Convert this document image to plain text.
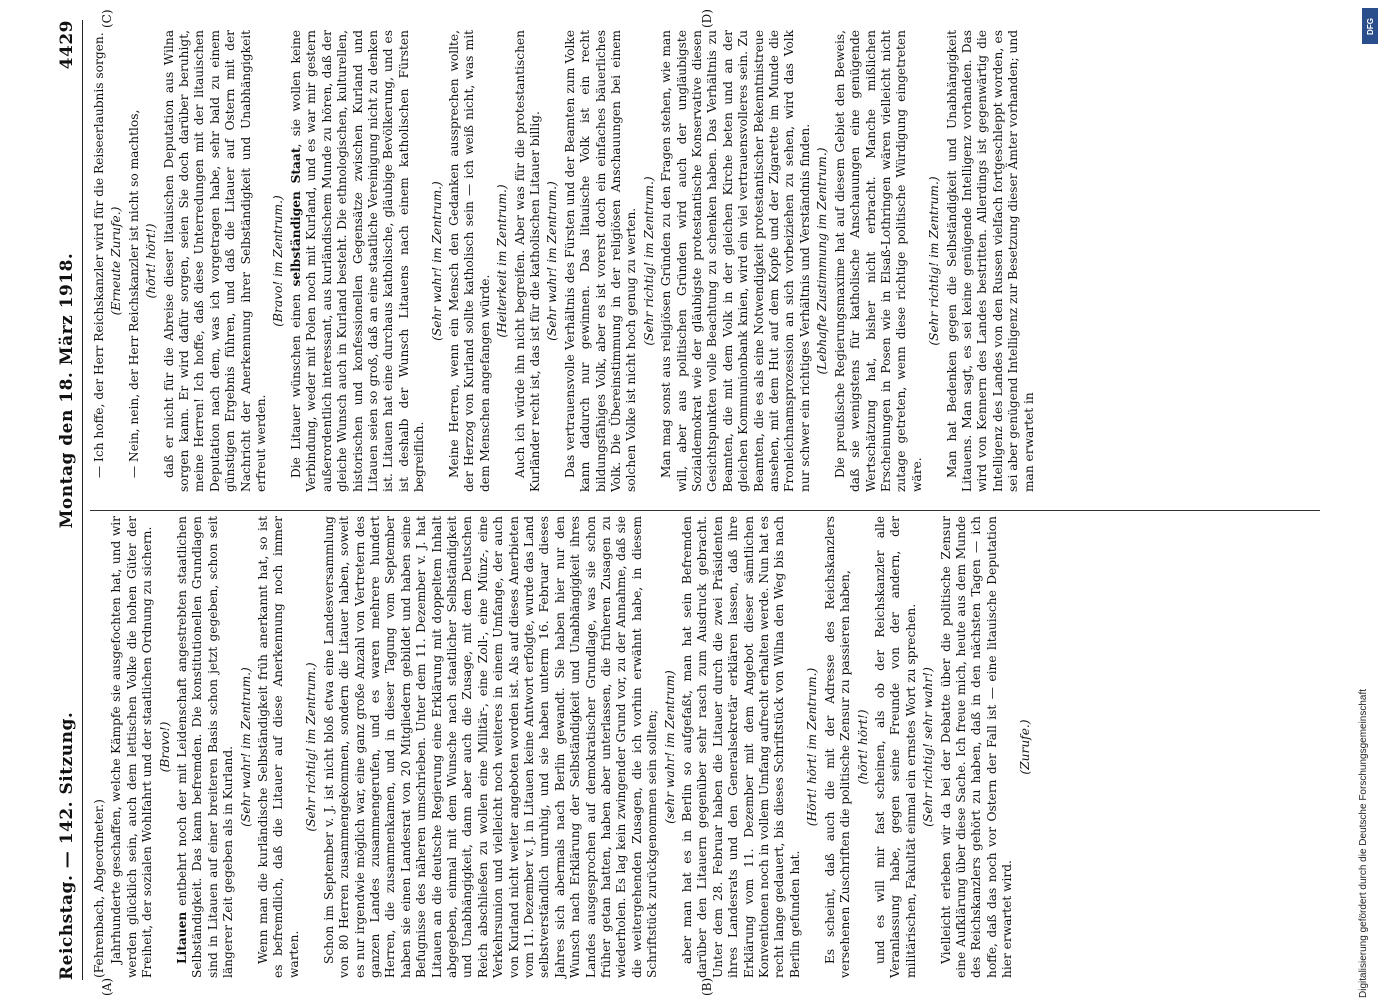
Reichstag. — 142. Sitzung.
Montag den 18. März 1918.
4429
(A)	(B)
(C)	(D)

(Fehrenbach, Abgeordneter.) Jahrhunderte geschaffen, welche Kämpfe sie ausgefochten hat, und wir werden glücklich sein, auch dem lettischen Volke die hohen Güter der Freiheit, der sozialen Wohlfahrt und der staatlichen Ordnung zu sichern. (Bravo!)

Litauen entbehrt noch der mit Leidenschaft angestrebten staatlichen Selbständigkeit. Das kann befremden. Die konstitutionellen Grundlagen sind in Litauen auf einer breiteren Basis schon jetzt gegeben, schon seit längerer Zeit gegeben als in Kurland. (Sehr wahr! im Zentrum.) Wenn man die kurländische Selbständigkeit früh anerkannt hat, so ist es befremdlich, daß die Litauer auf diese Anerkennung noch immer warten.

(Sehr richtig! im Zentrum.) Schon im September v. J. ist nicht bloß etwa eine Landesversammlung von 80 Herren zusammengekommen, sondern die Litauer haben, soweit es nur irgendwie möglich war, eine ganz große Anzahl von Vertretern des ganzen Landes zusammengerufen, und es waren mehrere hundert Herren, die zusammenkamen, und in dieser Tagung vom September haben sie einen Landesrat von 20 Mitgliedern gebildet und haben seine Befugnisse des näheren umschrieben. Unter dem 11. Dezember v. J. hat Litauen an die deutsche Regierung eine Erklärung mit doppeltem Inhalt abgegeben, einmal mit dem Wunsche nach staatlicher Selbständigkeit und Unabhängigkeit, dann aber auch die Zusage, mit dem Deutschen Reich abschließen zu wollen eine Militär-, eine Zoll-, eine Münz-, eine Verkehrsunion und vielleicht noch weiteres in einem Umfange, der auch von Kurland nicht weiter angeboten worden ist. Als auf dieses Anerbieten vom 11. Dezember v. J. in Litauen keine Antwort erfolgte, wurde das Land selbstverständlich unruhig, und sie haben unterm 16. Februar dieses Jahres sich abermals nach Berlin gewandt. Sie haben hier nur den Wunsch nach Erklärung der Selbständigkeit und Unabhängigkeit ihres Landes ausgesprochen auf demokratischer Grundlage, was sie schon früher getan hatten, haben aber unterlassen, die früheren Zusagen zu wiederholen. Es lag kein zwingender Grund vor, zu der Annahme, daß sie die weitergehenden Zusagen, die ich vorhin erwähnt habe, in diesem Schriftstück zurückgenommen sein sollten; (sehr wahr! im Zentrum) aber man hat es in Berlin so aufgefaßt, man hat sein Befremden darüber den Litauern gegenüber sehr rasch zum Ausdruck gebracht. Unter dem 28. Februar haben die Litauer durch die zwei Präsidenten ihres Landesrats und den Generalsekretär erklären lassen, daß ihre Erklärung vom 11. Dezember mit dem Angebot dieser sämtlichen Konventionen noch in vollem Umfang aufrecht erhalten werde. Nun hat es recht lange gedauert, bis dieses Schriftstück von Wilna den Weg bis nach Berlin gefunden hat.

(Hört! hört! im Zentrum.) Es scheint, daß auch die mit der Adresse des Reichskanzlers versehenen Zuschriften die politische Zensur zu passieren haben, (hört! hört!) und es will mir fast scheinen, als ob der Reichskanzler alle Veranlassung habe, gegen seine Freunde von der andern, der militärischen, Fakultät einmal ein ernstes Wort zu sprechen. (Sehr richtig! sehr wahr!) Vielleicht erleben wir da bei der Debatte über die politische Zensur eine Aufklärung über diese Sache. Ich freue mich, heute aus dem Munde des Reichskanzlers gehört zu haben, daß in den nächsten Tagen — ich hoffe, daß das noch vor Ostern der Fall ist — eine litauische Deputation hier erwartet wird.

(Zurufe.)

— Ich hoffe, der Herr Reichskanzler wird für die Reiseerlaubnis sorgen. (Erneute Zurufe.) — Nein, nein, der Herr Reichskanzler ist nicht so machtlos, (hört! hört!) daß er nicht für die Abreise dieser litauischen Deputation aus Wilna sorgen kann. Er wird dafür sorgen, seien Sie doch darüber beruhigt, meine Herren! Ich hoffe, daß diese Unterredungen mit der litauischen Deputation nach dem, was ich vorgetragen habe, sehr bald zu einem günstigen Ergebnis führen, und daß die Litauer auf Ostern mit der Nachricht der Anerkennung ihrer Selbständigkeit und Unabhängigkeit erfreut werden.

(Bravo! im Zentrum.)

Die Litauer wünschen einen selbständigen Staat, sie wollen keine Verbindung, weder mit Polen noch mit Kurland, und es war mir gestern außerordentlich interessant, aus kurländischem Munde zu hören, daß der gleiche Wunsch auch in Kurland besteht. Die ethnologischen, kulturellen, historischen und konfessionellen Gegensätze zwischen Kurland und Litauen seien so groß, daß an eine staatliche Vereinigung nicht zu denken ist. Litauen hat eine durchaus katholische, gläubige Bevölkerung, und es ist deshalb der Wunsch Litauens nach einem katholischen Fürsten begreiflich.

(Sehr wahr! im Zentrum.) Meine Herren, wenn ein Mensch den Gedanken aussprechen wollte, der Herzog von Kurland sollte katholisch sein — ich weiß nicht, was mit dem Menschen angefangen würde.

(Heiterkeit im Zentrum.) Auch ich würde ihn nicht begreifen. Aber was für die protestantischen Kurländer recht ist, das ist für die katholischen Litauer billig. (Sehr wahr! im Zentrum.) Das vertrauensvolle Verhältnis des Fürsten und der Beamten zum Volke kann dadurch nur gewinnen. Das litauische Volk ist ein recht bildungsfähiges Volk, aber es ist vorerst doch ein einfaches bäuerliches Volk. Die Übereinstimmung in der religiösen Anschauungen bei einem solchen Volke ist nicht hoch genug zu werten. (Sehr richtig! im Zentrum.) Man mag sonst aus religiösen Gründen zu den Fragen stehen, wie man will, aber aus politischen Gründen wird auch der ungläubigste Sozialdemokrat wie der gläubigste protestantische Konservative diesen Gesichtspunkten volle Beachtung zu schenken haben. Das Verhältnis zu Beamten, die mit dem Volk in der gleichen Kirche beten und an der gleichen Kommunionbank knien, wird ein viel vertrauensvolleres sein. Zu Beamten, die es als eine Notwendigkeit protestantischer Bekenntnistreue ansehen, mit dem Hut auf dem Kopfe und der Zigarette im Munde die Fronleichnamsprozession an sich vorbeiziehen zu sehen, wird das Volk nur schwer ein richtiges Verhältnis und Verständnis finden. (Lebhafte Zustimmung im Zentrum.) Die preußische Regierungsmaxime hat auf diesem Gebiet den Beweis, daß sie wenigstens für katholische Anschauungen eine genügende Wertschätzung hat, bisher nicht erbracht. Manche mißlichen Erscheinungen in Posen wie in Elsaß-Lothringen wären vielleicht nicht zutage getreten, wenn diese richtige politische Würdigung eingetreten wäre.

(Sehr richtig! im Zentrum.) Man hat Bedenken gegen die Selbständigkeit und Unabhängigkeit Litauens. Man sagt, es sei keine genügende Intelligenz vorhanden. Das wird von Kennern des Landes bestritten. Allerdings ist gegenwärtig die Intelligenz des Landes von den Russen vielfach fortgeschleppt worden, es sei aber genügend Intelligenz zur Besetzung dieser Ämter vorhanden; und man erwartet in

DFG
Digitalisierung gefördert durch die Deutsche Forschungsgemeinschaft
